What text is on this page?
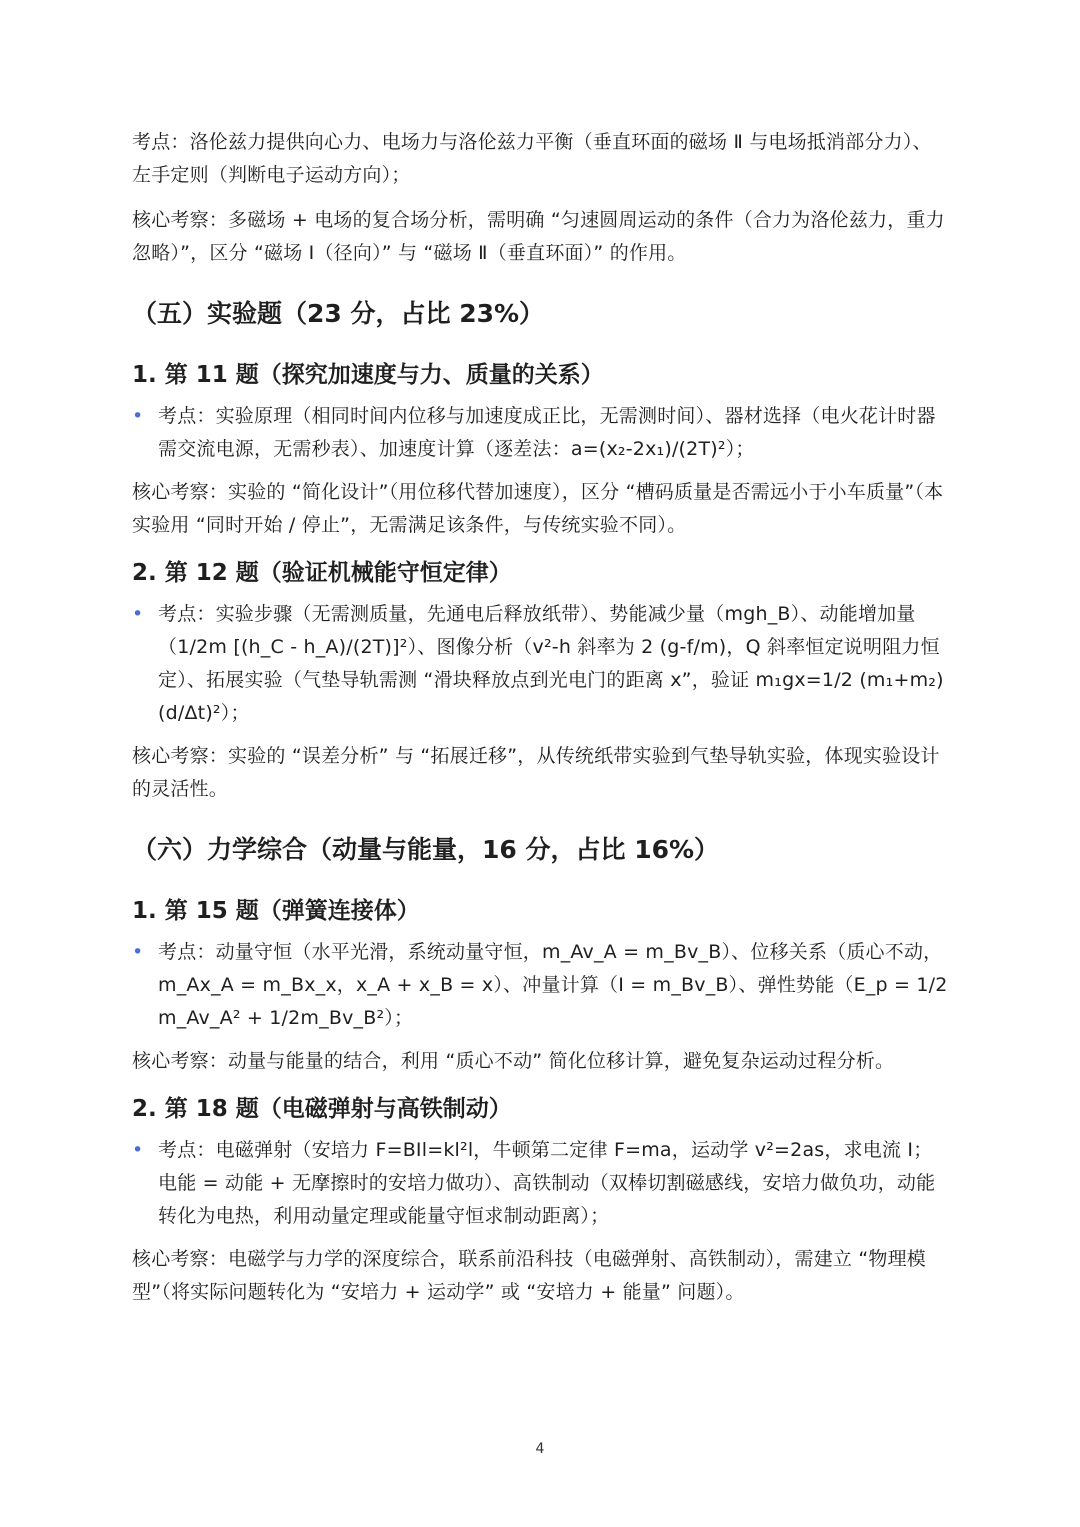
考点：洛伦兹力提供向心力、电场力与洛伦兹力平衡（垂直环面的磁场 Ⅱ 与电场抵消部分力）、左手定则（判断电子运动方向）；

核心考察：多磁场 + 电场的复合场分析，需明确 “匀速圆周运动的条件（合力为洛伦兹力，重力忽略）”，区分 “磁场 Ⅰ（径向）” 与 “磁场 Ⅱ（垂直环面）” 的作用。

（五）实验题（23 分，占比 23%）
1. 第 11 题（探究加速度与力、质量的关系）
• 考点：实验原理（相同时间内位移与加速度成正比，无需测时间）、器材选择（电火花计时器需交流电源，无需秒表）、加速度计算（逐差法：a=(x₂-2x₁)/(2T)²）；

核心考察：实验的 “简化设计”（用位移代替加速度），区分 “槽码质量是否需远小于小车质量”（本实验用 “同时开始 / 停止”，无需满足该条件，与传统实验不同）。

2. 第 12 题（验证机械能守恒定律）
• 考点：实验步骤（无需测质量，先通电后释放纸带）、势能减少量（mgh_B）、动能增加量（1/2m [(h_C - h_A)/(2T)]²）、图像分析（v²-h 斜率为 2 (g-f/m)，Q 斜率恒定说明阻力恒定）、拓展实验（气垫导轨需测 “滑块释放点到光电门的距离 x”，验证 m₁gx=1/2 (m₁+m₂)(d/Δt)²）；

核心考察：实验的 “误差分析” 与 “拓展迁移”，从传统纸带实验到气垫导轨实验，体现实验设计的灵活性。

（六）力学综合（动量与能量，16 分，占比 16%）
1. 第 15 题（弹簧连接体）
• 考点：动量守恒（水平光滑，系统动量守恒，m_Av_A = m_Bv_B）、位移关系（质心不动，m_Ax_A = m_Bx_x，x_A + x_B = x）、冲量计算（I = m_Bv_B）、弹性势能（E_p = 1/2m_Av_A² + 1/2m_Bv_B²）；

核心考察：动量与能量的结合，利用 “质心不动” 简化位移计算，避免复杂运动过程分析。

2. 第 18 题（电磁弹射与高铁制动）
• 考点：电磁弹射（安培力 F=BIl=kl²l，牛顿第二定律 F=ma，运动学 v²=2as，求电流 I；电能 = 动能 + 无摩擦时的安培力做功）、高铁制动（双棒切割磁感线，安培力做负功，动能转化为电热，利用动量定理或能量守恒求制动距离）；

核心考察：电磁学与力学的深度综合，联系前沿科技（电磁弹射、高铁制动），需建立 “物理模型”（将实际问题转化为 “安培力 + 运动学” 或 “安培力 + 能量” 问题）。

4
